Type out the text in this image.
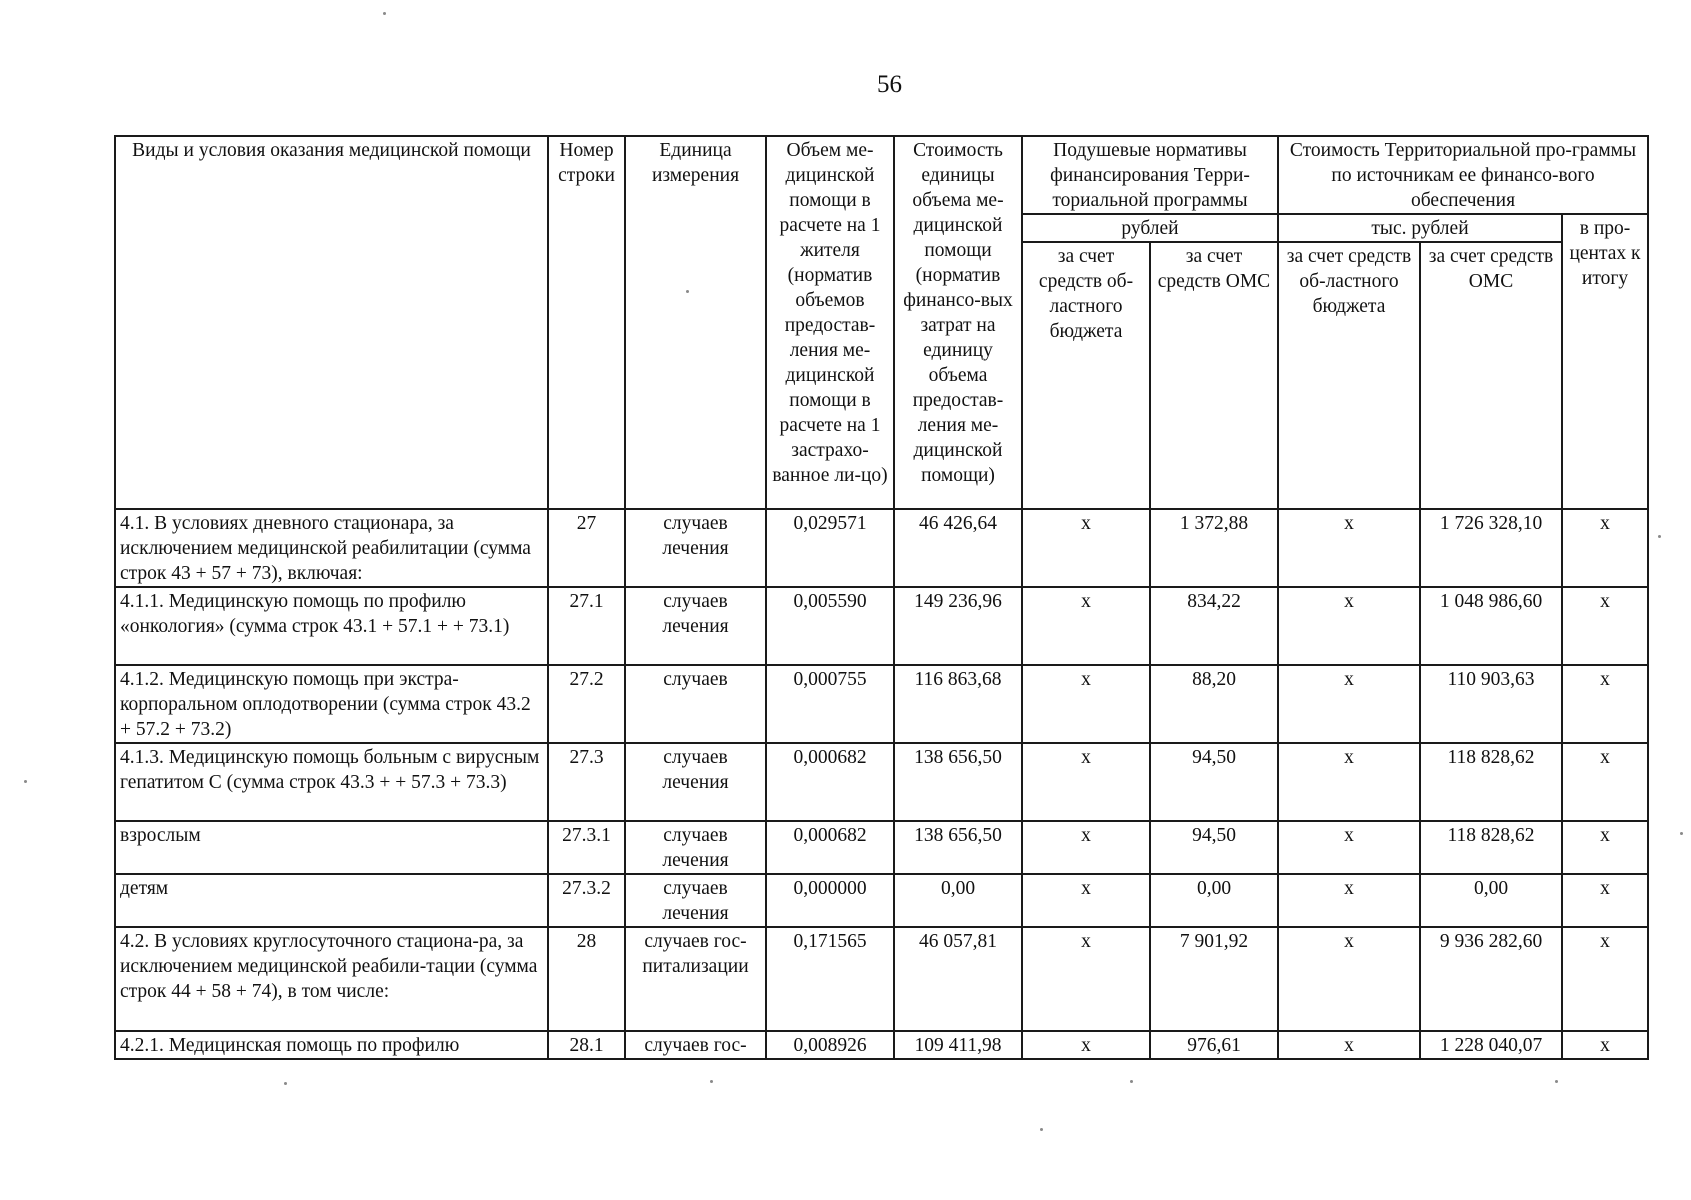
56
Виды и условия оказания медицинской помощи	Номер строки	Единица измерения	Объем ме-дицинской помощи в расчете на 1 жителя (норматив объемов предостав-ления ме-дицинской помощи в расчете на 1 застрахо-ванное ли-цо)	Стоимость единицы объема ме-дицинской помощи (норматив финансо-вых затрат на единицу объема предостав-ления ме-дицинской помощи)	Подушевые нормативы финансирования Терри-ториальной программы		Стоимость Территориальной про-граммы по источникам ее финансо-вого обеспечения		
					рублей		тыс. рублей		в про-центах к итогу
					за счет средств об-ластного бюджета	за счет средств ОМС	за счет средств об-ластного бюджета	за счет средств ОМС	

4.1. В условиях дневного стационара, за исключением медицинской реабилитации (сумма строк 43 + 57 + 73), включая:	27	случаев лечения	0,029571	46 426,64	х	1 372,88	х	1 726 328,10	х
4.1.1. Медицинскую помощь по профилю «онкология» (сумма строк 43.1 + 57.1 + + 73.1)	27.1	случаев лечения	0,005590	149 236,96	х	834,22	х	1 048 986,60	х
4.1.2. Медицинскую помощь при экстра-корпоральном оплодотворении (сумма строк 43.2 + 57.2 + 73.2)	27.2	случаев	0,000755	116 863,68	х	88,20	х	110 903,63	х
4.1.3. Медицинскую помощь больным с вирусным гепатитом С (сумма строк 43.3 + + 57.3 + 73.3)	27.3	случаев лечения	0,000682	138 656,50	х	94,50	х	118 828,62	х
взрослым	27.3.1	случаев лечения	0,000682	138 656,50	х	94,50	х	118 828,62	х
детям	27.3.2	случаев лечения	0,000000	0,00	х	0,00	х	0,00	х
4.2. В условиях круглосуточного стациона-ра, за исключением медицинской реабили-тации (сумма строк 44 + 58 + 74), в том числе:	28	случаев гос-питализации	0,171565	46 057,81	х	7 901,92	х	9 936 282,60	х
4.2.1. Медицинская помощь по профилю	28.1	случаев гос-	0,008926	109 411,98	х	976,61	х	1 228 040,07	х
